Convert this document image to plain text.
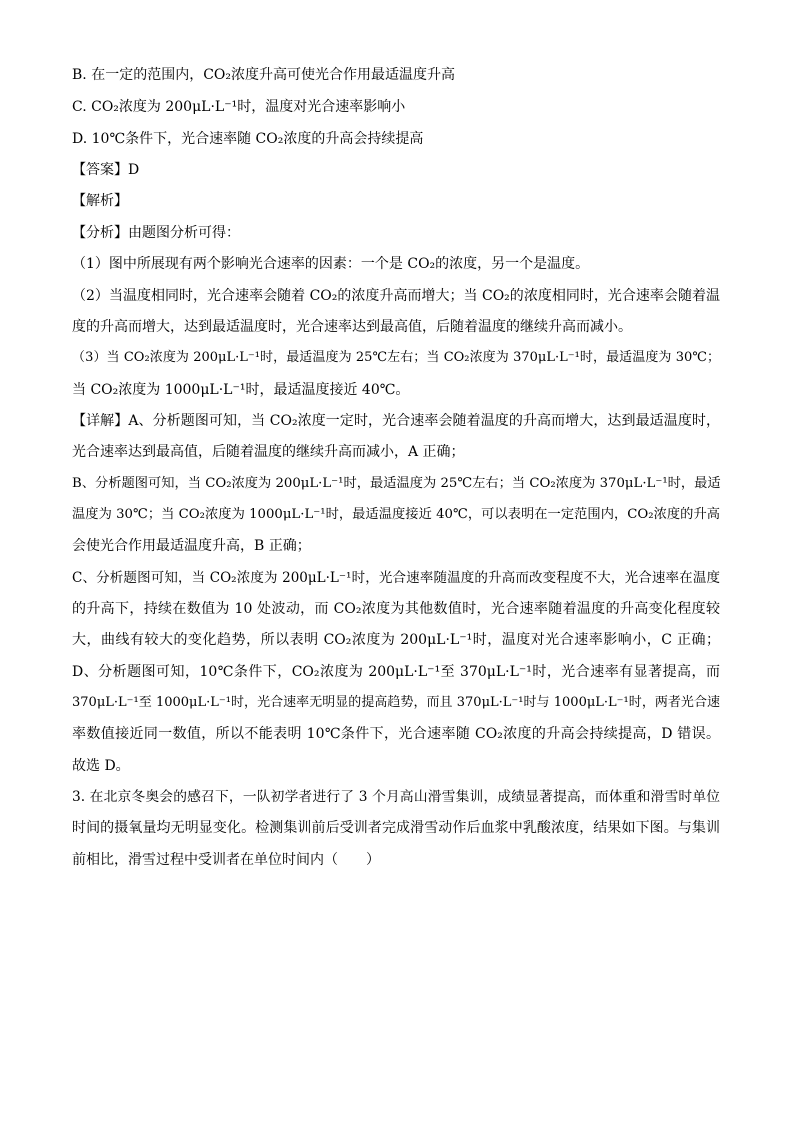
B. 在一定的范围内，CO₂浓度升高可使光合作用最适温度升高
C. CO₂浓度为 200μL·L⁻¹时，温度对光合速率影响小
D. 10℃条件下，光合速率随 CO₂浓度的升高会持续提高
【答案】D
【解析】
【分析】由题图分析可得：
（1）图中所展现有两个影响光合速率的因素：一个是 CO₂的浓度，另一个是温度。
（2）当温度相同时，光合速率会随着 CO₂的浓度升高而增大；当 CO₂的浓度相同时，光合速率会随着温
度的升高而增大，达到最适温度时，光合速率达到最高值，后随着温度的继续升高而减小。
（3）当 CO₂浓度为 200μL·L⁻¹时，最适温度为 25℃左右；当 CO₂浓度为 370μL·L⁻¹时，最适温度为 30℃；
当 CO₂浓度为 1000μL·L⁻¹时，最适温度接近 40℃。
【详解】A、分析题图可知，当 CO₂浓度一定时，光合速率会随着温度的升高而增大，达到最适温度时，
光合速率达到最高值，后随着温度的继续升高而减小，A 正确；
B、分析题图可知，当 CO₂浓度为 200μL·L⁻¹时，最适温度为 25℃左右；当 CO₂浓度为 370μL·L⁻¹时，最适
温度为 30℃；当 CO₂浓度为 1000μL·L⁻¹时，最适温度接近 40℃，可以表明在一定范围内，CO₂浓度的升高
会使光合作用最适温度升高，B 正确；
C、分析题图可知，当 CO₂浓度为 200μL·L⁻¹时，光合速率随温度的升高而改变程度不大，光合速率在温度
的升高下，持续在数值为 10 处波动，而 CO₂浓度为其他数值时，光合速率随着温度的升高变化程度较
大，曲线有较大的变化趋势，所以表明 CO₂浓度为 200μL·L⁻¹时，温度对光合速率影响小，C 正确；
D、分析题图可知，10℃条件下，CO₂浓度为 200μL·L⁻¹至 370μL·L⁻¹时，光合速率有显著提高，而
370μL·L⁻¹至 1000μL·L⁻¹时，光合速率无明显的提高趋势，而且 370μL·L⁻¹时与 1000μL·L⁻¹时，两者光合速
率数值接近同一数值，所以不能表明 10℃条件下，光合速率随 CO₂浓度的升高会持续提高，D 错误。
故选 D。
3. 在北京冬奥会的感召下，一队初学者进行了 3 个月高山滑雪集训，成绩显著提高，而体重和滑雪时单位
时间的摄氧量均无明显变化。检测集训前后受训者完成滑雪动作后血浆中乳酸浓度，结果如下图。与集训
前相比，滑雪过程中受训者在单位时间内（　　）
